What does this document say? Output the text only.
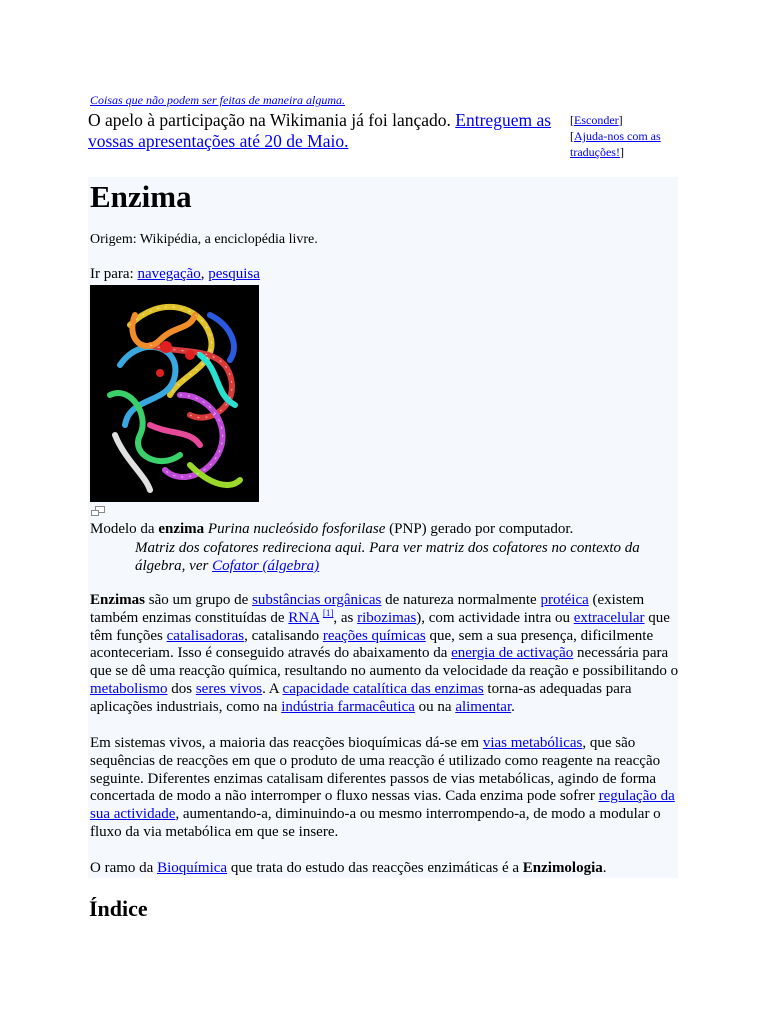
Coisas que não podem ser feitas de maneira alguma.
O apelo à participação na Wikimania já foi lançado. Entreguem as vossas apresentações até 20 de Maio.
[Esconder]
[Ajuda-nos com as traduções!]
Enzima
Origem: Wikipédia, a enciclopédia livre.
Ir para: navegação, pesquisa
Modelo da enzima Purina nucleósido fosforilase (PNP) gerado por computador.
Matriz dos cofatores redireciona aqui. Para ver matriz dos cofatores no contexto da álgebra, ver Cofator (álgebra)

Enzimas são um grupo de substâncias orgânicas de natureza normalmente protéica (existem também enzimas constituídas de RNA [1], as ribozimas), com actividade intra ou extracelular que têm funções catalisadoras, catalisando reações químicas que, sem a sua presença, dificilmente aconteceriam. Isso é conseguido através do abaixamento da energia de activação necessária para que se dê uma reacção química, resultando no aumento da velocidade da reação e possibilitando o metabolismo dos seres vivos. A capacidade catalítica das enzimas torna-as adequadas para aplicações industriais, como na indústria farmacêutica ou na alimentar.

Em sistemas vivos, a maioria das reacções bioquímicas dá-se em vias metabólicas, que são sequências de reacções em que o produto de uma reacção é utilizado como reagente na reacção seguinte. Diferentes enzimas catalisam diferentes passos de vias metabólicas, agindo de forma concertada de modo a não interromper o fluxo nessas vias. Cada enzima pode sofrer regulação da sua actividade, aumentando-a, diminuindo-a ou mesmo interrompendo-a, de modo a modular o fluxo da via metabólica em que se insere.

O ramo da Bioquímica que trata do estudo das reacções enzimáticas é a Enzimologia.

Índice
